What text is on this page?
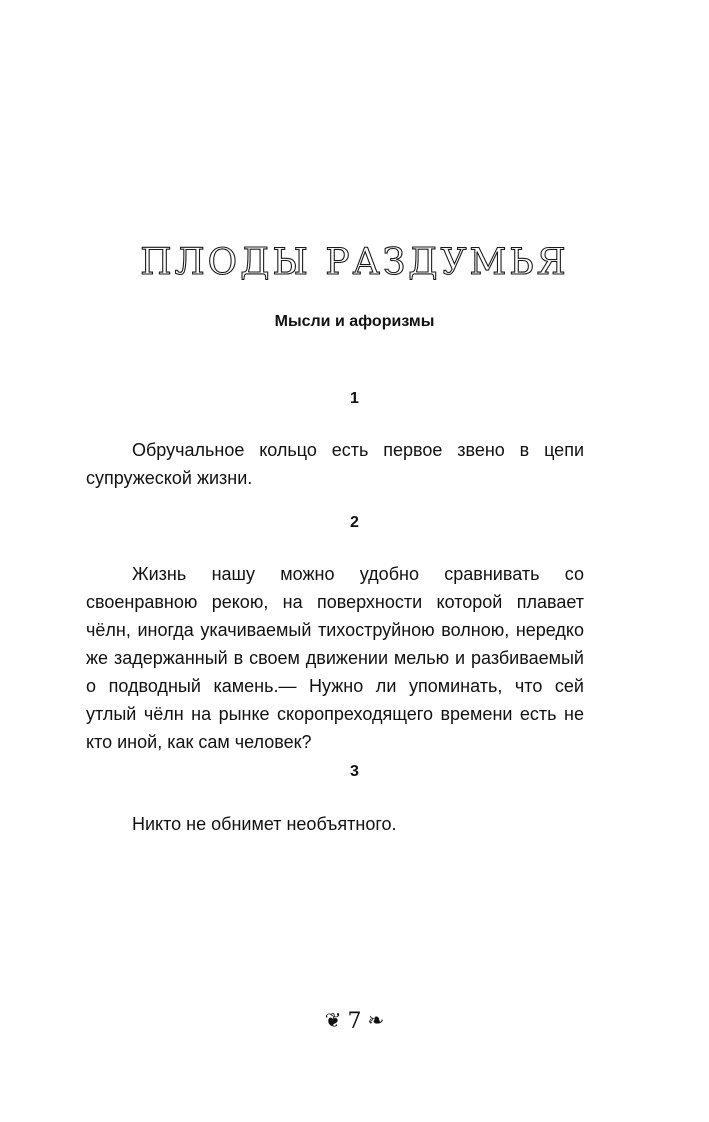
ПЛОДЫ РАЗДУМЬЯ

Мысли и афоризмы

1

Обручальное кольцо есть первое звено в цепи супружеской жизни.

2

Жизнь нашу можно удобно сравнивать со своенравною рекою, на поверхности которой плавает чёлн, иногда укачиваемый тихоструйною волною, нередко же задержанный в своем движении мелью и разбиваемый о подводный камень.— Нужно ли упоминать, что сей утлый чёлн на рынке скоропреходящего времени есть не кто иной, как сам человек?

3

Никто не обнимет необъятного.

❦ 7 ❧
